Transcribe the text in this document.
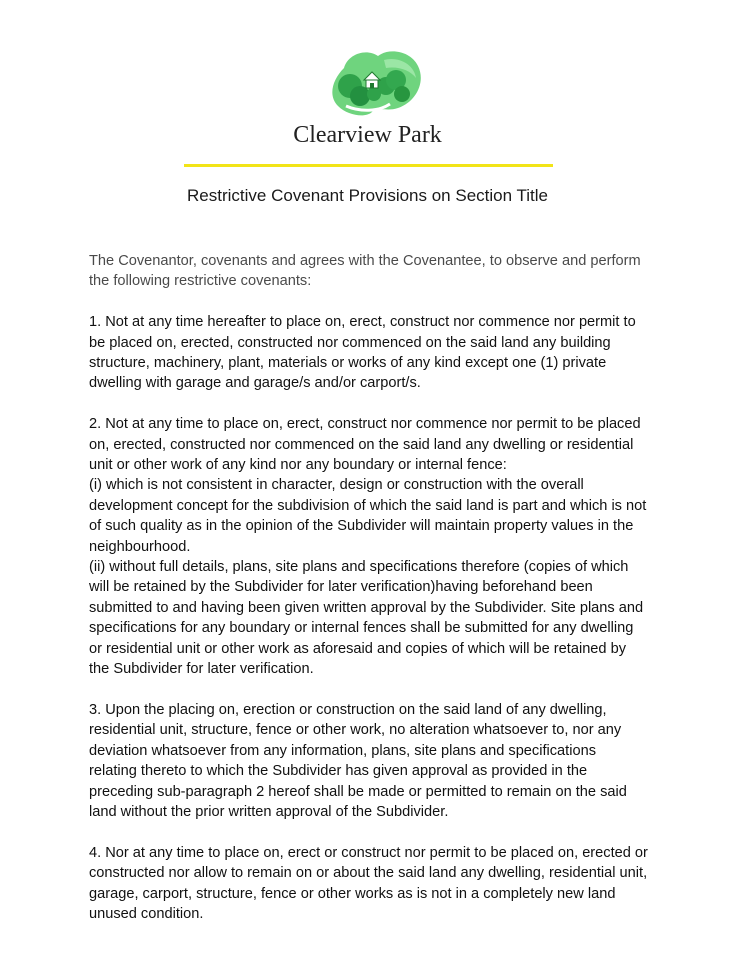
Clearview Park
Restrictive Covenant Provisions on Section Title

The Covenantor, covenants and agrees with the Covenantee, to observe and perform
the following restrictive covenants:

1. Not at any time hereafter to place on, erect, construct nor commence nor permit to
be placed on, erected, constructed nor commenced on the said land any building
structure, machinery, plant, materials or works of any kind except one (1) private
dwelling with garage and garage/s and/or carport/s.

2. Not at any time to place on, erect, construct nor commence nor permit to be placed
on, erected, constructed nor commenced on the said land any dwelling or residential
unit or other work of any kind nor any boundary or internal fence:
(i) which is not consistent in character, design or construction with the overall
development concept for the subdivision of which the said land is part and which is not
of such quality as in the opinion of the Subdivider will maintain property values in the
neighbourhood.
(ii) without full details, plans, site plans and specifications therefore (copies of which
will be retained by the Subdivider for later verification)having beforehand been
submitted to and having been given written approval by the Subdivider. Site plans and
specifications for any boundary or internal fences shall be submitted for any dwelling
or residential unit or other work as aforesaid and copies of which will be retained by
the Subdivider for later verification.

3. Upon the placing on, erection or construction on the said land of any dwelling,
residential unit, structure, fence or other work, no alteration whatsoever to, nor any
deviation whatsoever from any information, plans, site plans and specifications
relating thereto to which the Subdivider has given approval as provided in the
preceding sub-paragraph 2 hereof shall be made or permitted to remain on the said
land without the prior written approval of the Subdivider.

4. Nor at any time to place on, erect or construct nor permit to be placed on, erected or
constructed nor allow to remain on or about the said land any dwelling, residential unit,
garage, carport, structure, fence or other works as is not in a completely new land
unused condition.
